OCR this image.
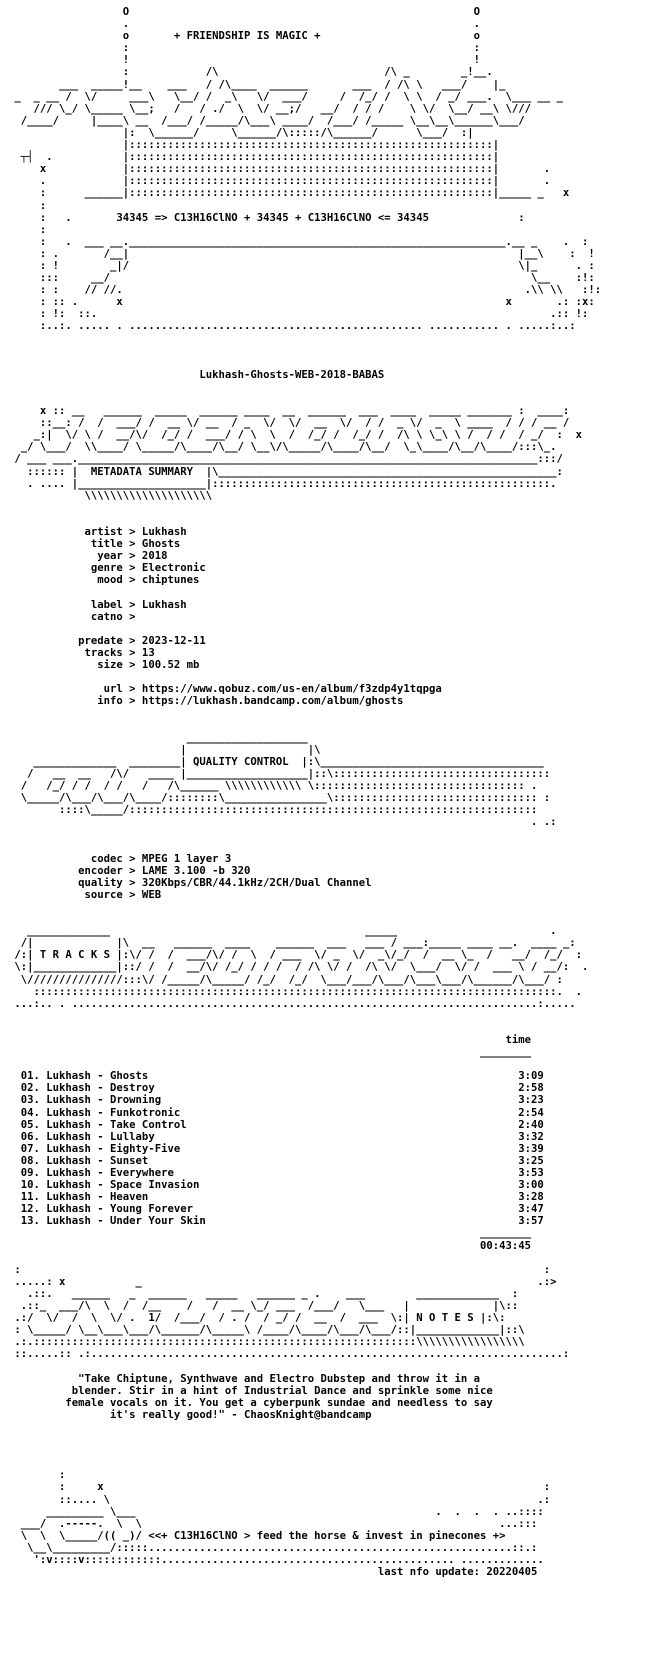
O                                                      O
.                                                      .
o       + FRIENDSHIP IS MAGIC +                        o
:                                                      :
!                                                      !
:            /\                          /\ _        _!__.
___  _____!__    ___   / /\____  ______       ___  / /\ \   ___/    |_
_  _ __ /  \/     ___\   \__/ /  _\   \/  ___/     /  /_/ /  \ \  / _/ ___.  \___ __ _
/// \_/ \_____ \__;   /   / ./  \  \/ __;/   __/  / / /    \ \/  \__/ __\ \///
/____/     |____\ __  /___/ /_____/\___\ ____/  /___/ /_____ \__\__\______\___/
|:  \______/     \______/\:::::/\______/      \___/  :|
|:::::::::::::::::::::::::::::::::::::::::::::::::::::::::|
┬┤  .           |:::::::::::::::::::::::::::::::::::::::::::::::::::::::::|
x            |:::::::::::::::::::::::::::::::::::::::::::::::::::::::::|       .
.            |:::::::::::::::::::::::::::::::::::::::::::::::::::::::::|       .
:      ______|:::::::::::::::::::::::::::::::::::::::::::::::::::::::::|_____ _   x
:
:   .       34345 => C13H16ClNO + 34345 + C13H16ClNO <= 34345              :
:
:   .  ___ __.___________________________________________________________.__ _    .  :
: .       /__|                                                             |__\    :  !
: !        _|/                                                             \|_      . :
:::     __/                                                                  \__    :!:
: :    // //.                                                               .\\ \\   :!:
: :: .      x                                                            x       .: :x:
: !:  ::.                                                                       .:: !:
:..:. ..... . .............................................. ........... . .....:..:

Lukhash-Ghosts-WEB-2018-BABAS

x :: __   ______  _____  ______ ____  __  ______  ___  ____  _____ _______ :  ____:
::__: /  /  ___/ /  __ \/ __  / _  \/  \/  __  \/  / /  _ \/  _  \ ____  / / / __ /
_:|  \/ \ /  __/\/  /_/ /  ___/ / \  \  /  /_/ /  /_/ /  /\ \ \_\ \ /  / /  / _/  :  x
_/ \___/  \\____/ \_____/\____/\__/ \__\/\_____/\____/\__/  \_\____/\__/\____/:::\_.
/ ___ ___.________________________________________________________________________:::/
:::::: |  METADATA SUMMARY  |\_____________________________________________________:
. .... |____________________|:::::::::::::::::::::::::::::::::::::::::::::::::::::.
\\\\\\\\\\\\\\\\\\\\

artist > Lukhash
title > Ghosts
year > 2018
genre > Electronic
mood > chiptunes

label > Lukhash
catno >

predate > 2023-12-11
tracks > 13
size > 100.52 mb

url > https://www.qobuz.com/us-en/album/f3zdp4y1tqpga
info > https://lukhash.bandcamp.com/album/ghosts

___________________
|                   |\
_____________  ________| QUALITY CONTROL  |:\___________________________________
/   __  __   /\/   ____ |___________________|::\::::::::::::::::::::::::::::::::::
/   /_/ / /  / /   /   /\______ \\\\\\\\\\\\ \::::::::::::::::::::::::::::::::: .
\_____/\___/\___/\____/::::::::\________________\:::::::::::::::::::::::::::::::: :
::::\_____/::::::::::::::::::::::::::::::::::::::::::::::::::::::::::::::::
. .:

codec > MPEG 1 layer 3
encoder > LAME 3.100 -b 320
quality > 320Kbps/CBR/44.1kHz/2CH/Dual Channel
source > WEB

_____________                                        _____                        .
/|             |\  __   ______  ____    ______  ___   ___ / ___:_____ ____ __.  ____ _:
/:| T R A C K S |:\/ /  /  ___/\/ /  \  / ___  \/ _  \/  _\/_/  /  __ \_  /   __/  /_/  :
\:|_____________|::/ /  /  __/\/ /_/ / / /  / /\ \/ /  /\ \/  \___/  \/ /  ___ \ / __/:  .
\///////////////:::\/ /_____/\_____/ /_/  /_/  \___/___/\___/\___\___/\______/\___/ :
::::::::::::::::::::::::::::::::::::::::::::::::::::::::::::::::::::::::::::::::::.  .
...:.. . .........................................................................:.....

time
________

01. Lukhash - Ghosts                                                          3:09
02. Lukhash - Destroy                                                         2:58
03. Lukhash - Drowning                                                        3:23
04. Lukhash - Funkotronic                                                     2:54
05. Lukhash - Take Control                                                    2:40
06. Lukhash - Lullaby                                                         3:32
07. Lukhash - Eighty-Five                                                     3:39
08. Lukhash - Sunset                                                          3:25
09. Lukhash - Everywhere                                                      3:53
10. Lukhash - Space Invasion                                                  3:00
11. Lukhash - Heaven                                                          3:28
12. Lukhash - Young Forever                                                   3:47
13. Lukhash - Under Your Skin                                                 3:57
________
00:43:45

:                                                                                  :
.....: x           _                                                              .:>
.::.   ______   _  ______   _____   ______ _ .    ___        _____________  :
.::_  ___/\  \  /  /__    /   /  __ \_/ ___  /___/   \___   |             |\::
.:/  \/  /  \  \/ .  1/  /___/  / . /  / _/ /  __  /  ___  \:| N O T E S |:\:
: \_____/ \__\___\___/\______/\_____\ /____/\____/\___/\___/::|_____________|::\
.:.::::::::::::::::::::::::::::::::::::::::::::::::::::::::::::\\\\\\\\\\\\\\\\\
::.....:: .:..........................................................................:

"Take Chiptune, Synthwave and Electro Dubstep and throw it in a
blender. Stir in a hint of Industrial Dance and sprinkle some nice
female vocals on it. You get a cyberpunk sundae and needless to say
it's really good!" - ChaosKnight@bandcamp

:
:     x                                                                     :
::.... \                                                                   .:
_________ \___                                               .  .  .  . ..::::
___/  .-----.  \  \                                                        ...:::
\  \  \_____/(( _)/ <<+ C13H16ClNO > feed the horse & invest in pinecones +>
\__\_________/:::::.........................................................::.:
':v::::v::::::::::::.............................................. .............

last nfo update: 20220405
